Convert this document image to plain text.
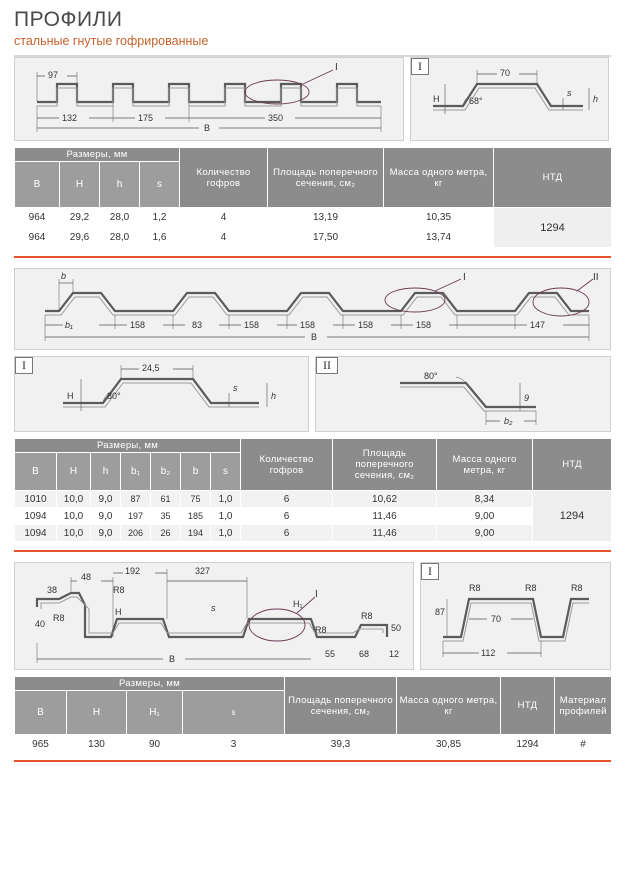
ПРОФИЛИ
стальные гнутые гофрированные
I
97
132	175	350
B
I	70
s
h
H	68°
Размеры, мм				Количество гофров	Площадь поперечного сечения, см₂	Масса одного метра, кг	НТД
B	H	h	s				
964	29,2	28,0	1,2	4	13,19	10,35	1294
964	29,6	28,0	1,6	4	17,50	13,74	
I	II
b
b₁	158	83	158	158	158	158	147
B
I	24,5
s
h
H	80°
II
80°
9
b₂
Размеры, мм							Количество гофров	Площадь поперечного сечения, см₂	Масса одного метра, кг	НТД
B	H	h	b₁	b₂	b	s				
1010	10,0	9,0	87	61	75	1,0	6	10,62	8,34	1294
1094	10,0	9,0	197	35	185	1,0	6	11,46	9,00	
1094	10,0	9,0	206	26	194	1,0	6	11,46	9,00	
I
48
192	327
38
R8
40
R8
s	H₁
H
R8
R8
50
55	68 12
B
I
R8	R8	R8
87
70
112
Размеры, мм				Площадь поперечного сечения, см₂	Масса одного метра, кг	НТД	Материал профилей
B	H	H₁	s				
965	130	90	3	39,3	30,85	1294	#
